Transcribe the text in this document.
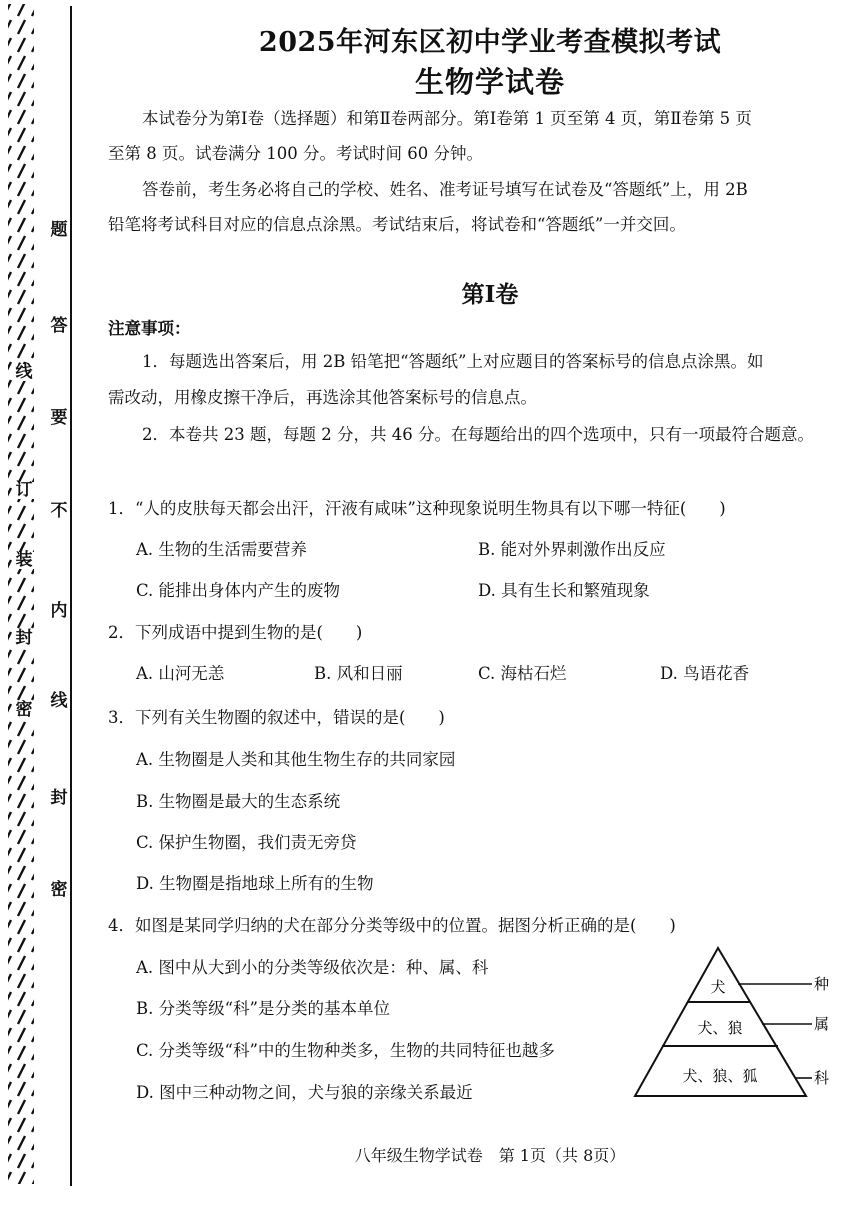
线
订
装
封
密
题
答
要
不
内
线
封
密
2025年河东区初中学业考查模拟考试
生物学试卷
本试卷分为第Ⅰ卷（选择题）和第Ⅱ卷两部分。第Ⅰ卷第 1 页至第 4 页，第Ⅱ卷第 5 页
至第 8 页。试卷满分 100 分。考试时间 60 分钟。
答卷前，考生务必将自己的学校、姓名、准考证号填写在试卷及“答题纸”上，用 2B
铅笔将考试科目对应的信息点涂黑。考试结束后，将试卷和“答题纸”一并交回。
第Ⅰ卷
注意事项：
1．每题选出答案后，用 2B 铅笔把“答题纸”上对应题目的答案标号的信息点涂黑。如
需改动，用橡皮擦干净后，再选涂其他答案标号的信息点。
2．本卷共 23 题，每题 2 分，共 46 分。在每题给出的四个选项中，只有一项最符合题意。
1．“人的皮肤每天都会出汗，汗液有咸味”这种现象说明生物具有以下哪一特征(　　)
A. 生物的生活需要营养	B. 能对外界刺激作出反应
C. 能排出身体内产生的废物	D. 具有生长和繁殖现象
2．下列成语中提到生物的是(　　)
A. 山河无恙	B. 风和日丽	C. 海枯石烂	D. 鸟语花香
3．下列有关生物圈的叙述中，错误的是(　　)
A. 生物圈是人类和其他生物生存的共同家园
B. 生物圈是最大的生态系统
C. 保护生物圈，我们责无旁贷
D. 生物圈是指地球上所有的生物
4．如图是某同学归纳的犬在部分分类等级中的位置。据图分析正确的是(　　)
A. 图中从大到小的分类等级依次是：种、属、科
B. 分类等级“科”是分类的基本单位
C. 分类等级“科”中的生物种类多，生物的共同特征也越多
D. 图中三种动物之间，犬与狼的亲缘关系最近
犬
犬、狼
犬、狼、狐
种
属
科
八年级生物学试卷　第 1页（共 8页）
